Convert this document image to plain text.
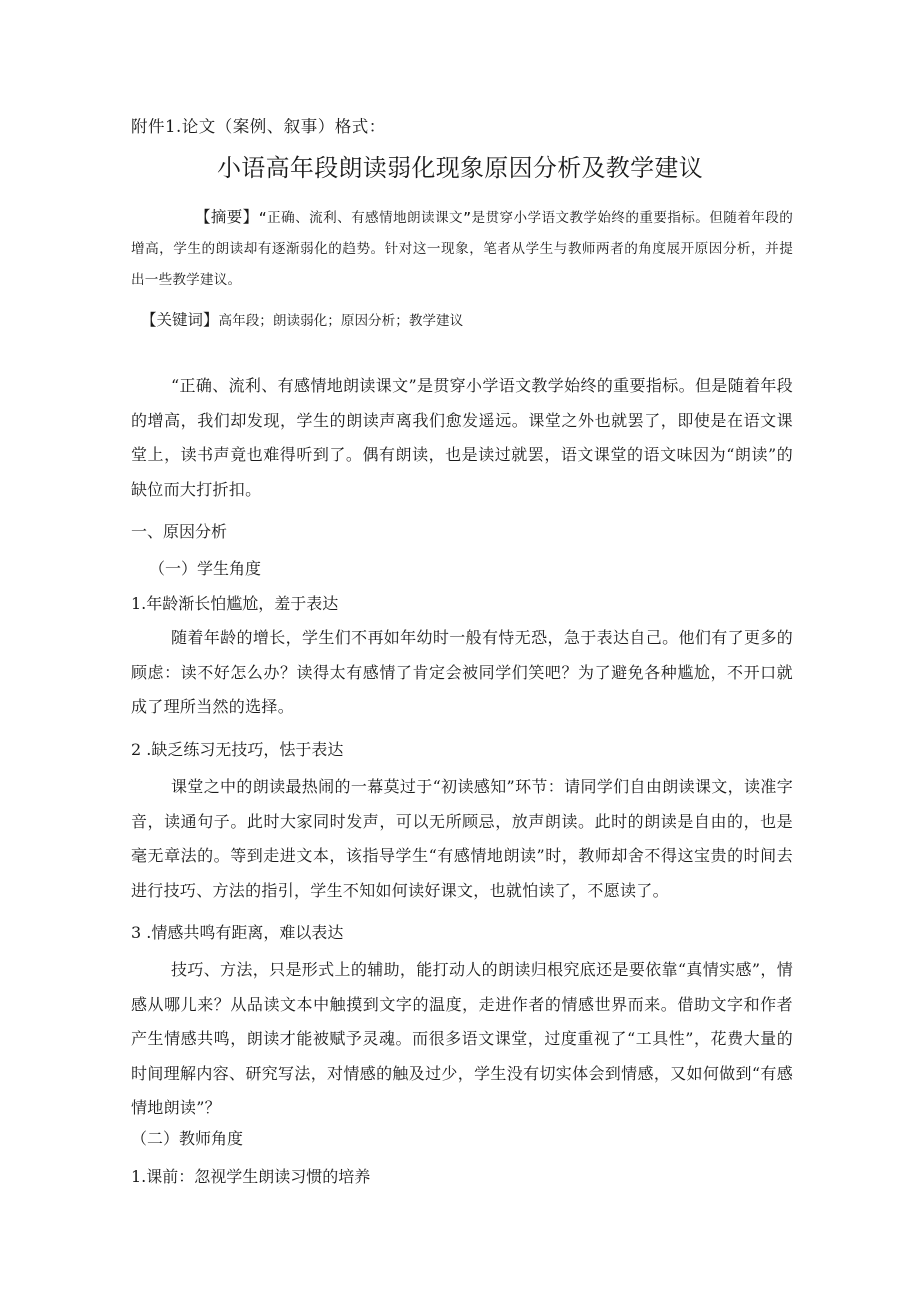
附件1.论文（案例、叙事）格式：
小语高年段朗读弱化现象原因分析及教学建议

【摘要】“正确、流利、有感情地朗读课文”是贯穿小学语文教学始终的重要指标。但随着年段的增高，学生的朗读却有逐渐弱化的趋势。针对这一现象，笔者从学生与教师两者的角度展开原因分析，并提出一些教学建议。

【关键词】高年段；朗读弱化；原因分析；教学建议

“正确、流利、有感情地朗读课文”是贯穿小学语文教学始终的重要指标。但是随着年段的增高，我们却发现，学生的朗读声离我们愈发遥远。课堂之外也就罢了，即使是在语文课堂上，读书声竟也难得听到了。偶有朗读，也是读过就罢，语文课堂的语文味因为“朗读”的缺位而大打折扣。

一、原因分析
（一）学生角度
1.年龄渐长怕尴尬，羞于表达

随着年龄的增长，学生们不再如年幼时一般有恃无恐，急于表达自己。他们有了更多的顾虑：读不好怎么办？读得太有感情了肯定会被同学们笑吧？为了避免各种尴尬，不开口就成了理所当然的选择。

2 .缺乏练习无技巧，怯于表达

课堂之中的朗读最热闹的一幕莫过于“初读感知”环节：请同学们自由朗读课文，读准字音，读通句子。此时大家同时发声，可以无所顾忌，放声朗读。此时的朗读是自由的，也是毫无章法的。等到走进文本，该指导学生“有感情地朗读”时，教师却舍不得这宝贵的时间去进行技巧、方法的指引，学生不知如何读好课文，也就怕读了，不愿读了。

3 .情感共鸣有距离，难以表达

技巧、方法，只是形式上的辅助，能打动人的朗读归根究底还是要依靠“真情实感”，情感从哪儿来？从品读文本中触摸到文字的温度，走进作者的情感世界而来。借助文字和作者产生情感共鸣，朗读才能被赋予灵魂。而很多语文课堂，过度重视了“工具性”，花费大量的时间理解内容、研究写法，对情感的触及过少，学生没有切实体会到情感，又如何做到“有感情地朗读”？

（二）教师角度
1.课前：忽视学生朗读习惯的培养
